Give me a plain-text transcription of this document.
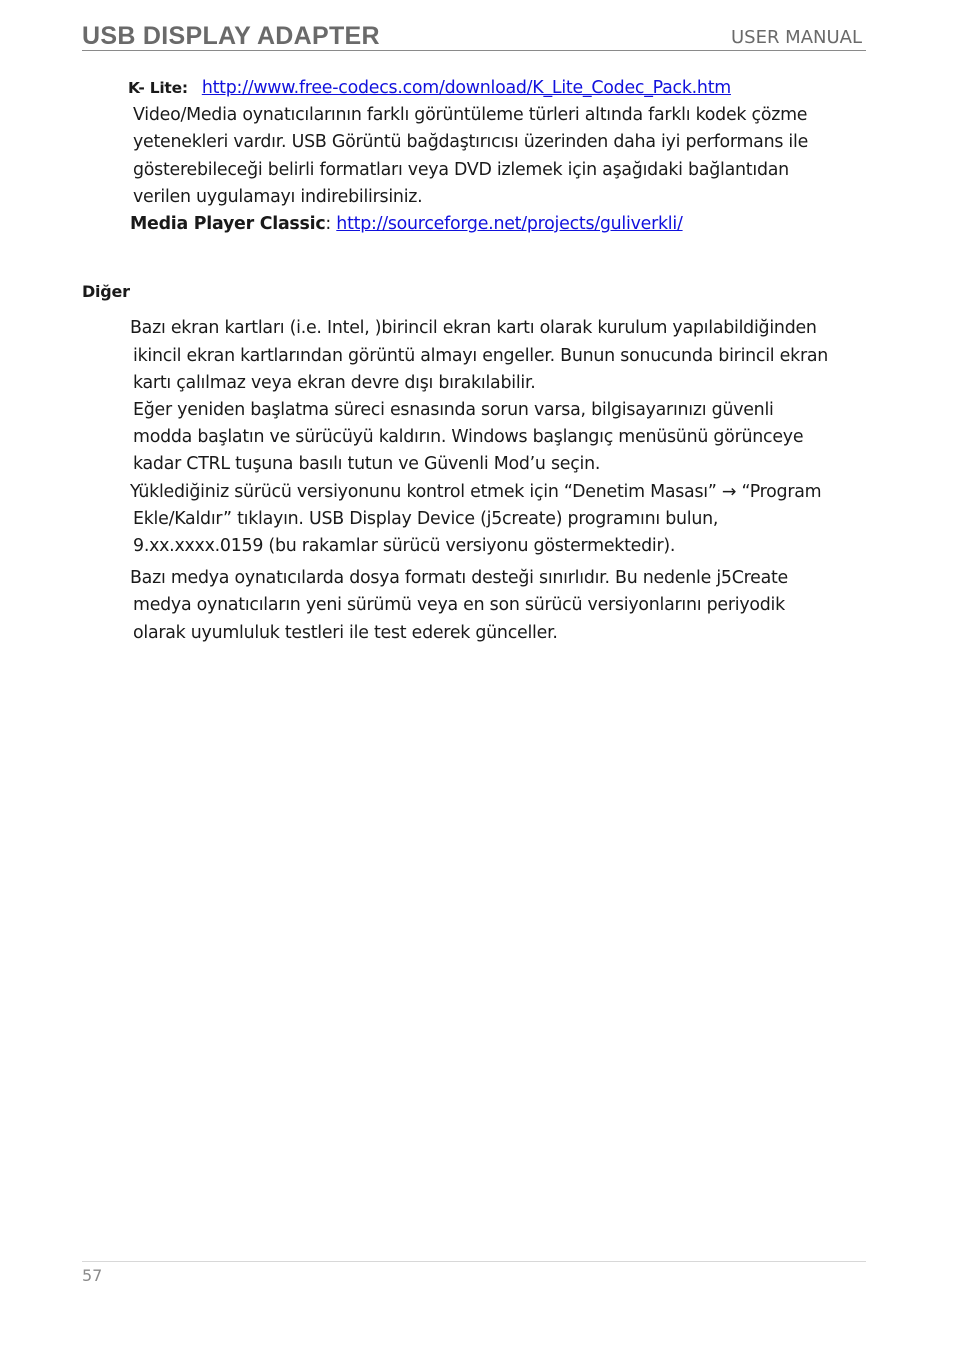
USB DISPLAY ADAPTER	USER MANUAL
K- Lite: http://www.free-codecs.com/download/K_Lite_Codec_Pack.htm
Video/Media oynatıcılarının farklı görüntüleme türleri altında farklı kodek çözme
yetenekleri vardır. USB Görüntü bağdaştırıcısı üzerinden daha iyi performans ile
gösterebileceği belirli formatları veya DVD izlemek için aşağıdaki bağlantıdan
verilen uygulamayı indirebilirsiniz.
Media Player Classic: http://sourceforge.net/projects/guliverkli/
Diğer
Bazı ekran kartları (i.e. Intel, )birincil ekran kartı olarak kurulum yapılabildiğinden
ikincil ekran kartlarından görüntü almayı engeller. Bunun sonucunda birincil ekran
kartı çalılmaz veya ekran devre dışı bırakılabilir.
Eğer yeniden başlatma süreci esnasında sorun varsa, bilgisayarınızı güvenli
modda başlatın ve sürücüyü kaldırın. Windows başlangıç menüsünü görünceye
kadar CTRL tuşuna basılı tutun ve Güvenli Mod’u seçin.
Yüklediğiniz sürücü versiyonunu kontrol etmek için “Denetim Masası” → “Program
Ekle/Kaldır” tıklayın. USB Display Device (j5create) programını bulun,
9.xx.xxxx.0159 (bu rakamlar sürücü versiyonu göstermektedir).
Bazı medya oynatıcılarda dosya formatı desteği sınırlıdır. Bu nedenle j5Create
medya oynatıcıların yeni sürümü veya en son sürücü versiyonlarını periyodik
olarak uyumluluk testleri ile test ederek günceller.
57
